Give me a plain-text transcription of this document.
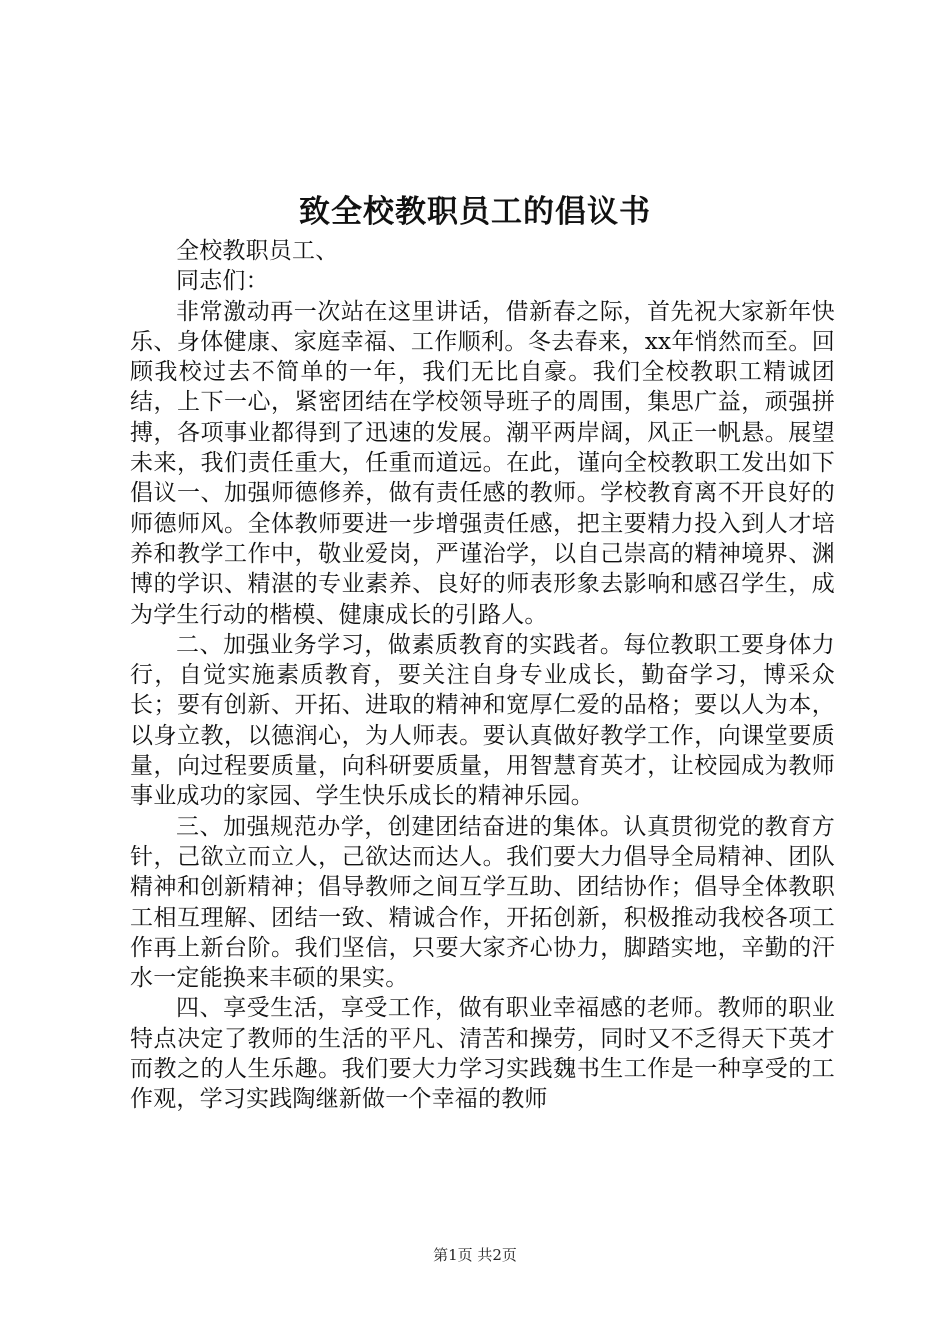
致全校教职员工的倡议书

全校教职员工、

同志们：

非常激动再一次站在这里讲话，借新春之际，首先祝大家新年快乐、身体健康、家庭幸福、工作顺利。冬去春来，xx年悄然而至。回顾我校过去不简单的一年，我们无比自豪。我们全校教职工精诚团结，上下一心，紧密团结在学校领导班子的周围，集思广益，顽强拼搏，各项事业都得到了迅速的发展。潮平两岸阔，风正一帆悬。展望未来，我们责任重大，任重而道远。在此，谨向全校教职工发出如下倡议一、加强师德修养，做有责任感的教师。学校教育离不开良好的师德师风。全体教师要进一步增强责任感，把主要精力投入到人才培养和教学工作中，敬业爱岗，严谨治学，以自己崇高的精神境界、渊博的学识、精湛的专业素养、良好的师表形象去影响和感召学生，成为学生行动的楷模、健康成长的引路人。

二、加强业务学习，做素质教育的实践者。每位教职工要身体力行，自觉实施素质教育，要关注自身专业成长，勤奋学习，博采众长；要有创新、开拓、进取的精神和宽厚仁爱的品格；要以人为本，以身立教，以德润心，为人师表。要认真做好教学工作，向课堂要质量，向过程要质量，向科研要质量，用智慧育英才，让校园成为教师事业成功的家园、学生快乐成长的精神乐园。

三、加强规范办学，创建团结奋进的集体。认真贯彻党的教育方针，己欲立而立人，己欲达而达人。我们要大力倡导全局精神、团队精神和创新精神；倡导教师之间互学互助、团结协作；倡导全体教职工相互理解、团结一致、精诚合作，开拓创新，积极推动我校各项工作再上新台阶。我们坚信，只要大家齐心协力，脚踏实地，辛勤的汗水一定能换来丰硕的果实。

四、享受生活，享受工作，做有职业幸福感的老师。教师的职业特点决定了教师的生活的平凡、清苦和操劳，同时又不乏得天下英才而教之的人生乐趣。我们要大力学习实践魏书生工作是一种享受的工作观，学习实践陶继新做一个幸福的教师

第1页 共2页
